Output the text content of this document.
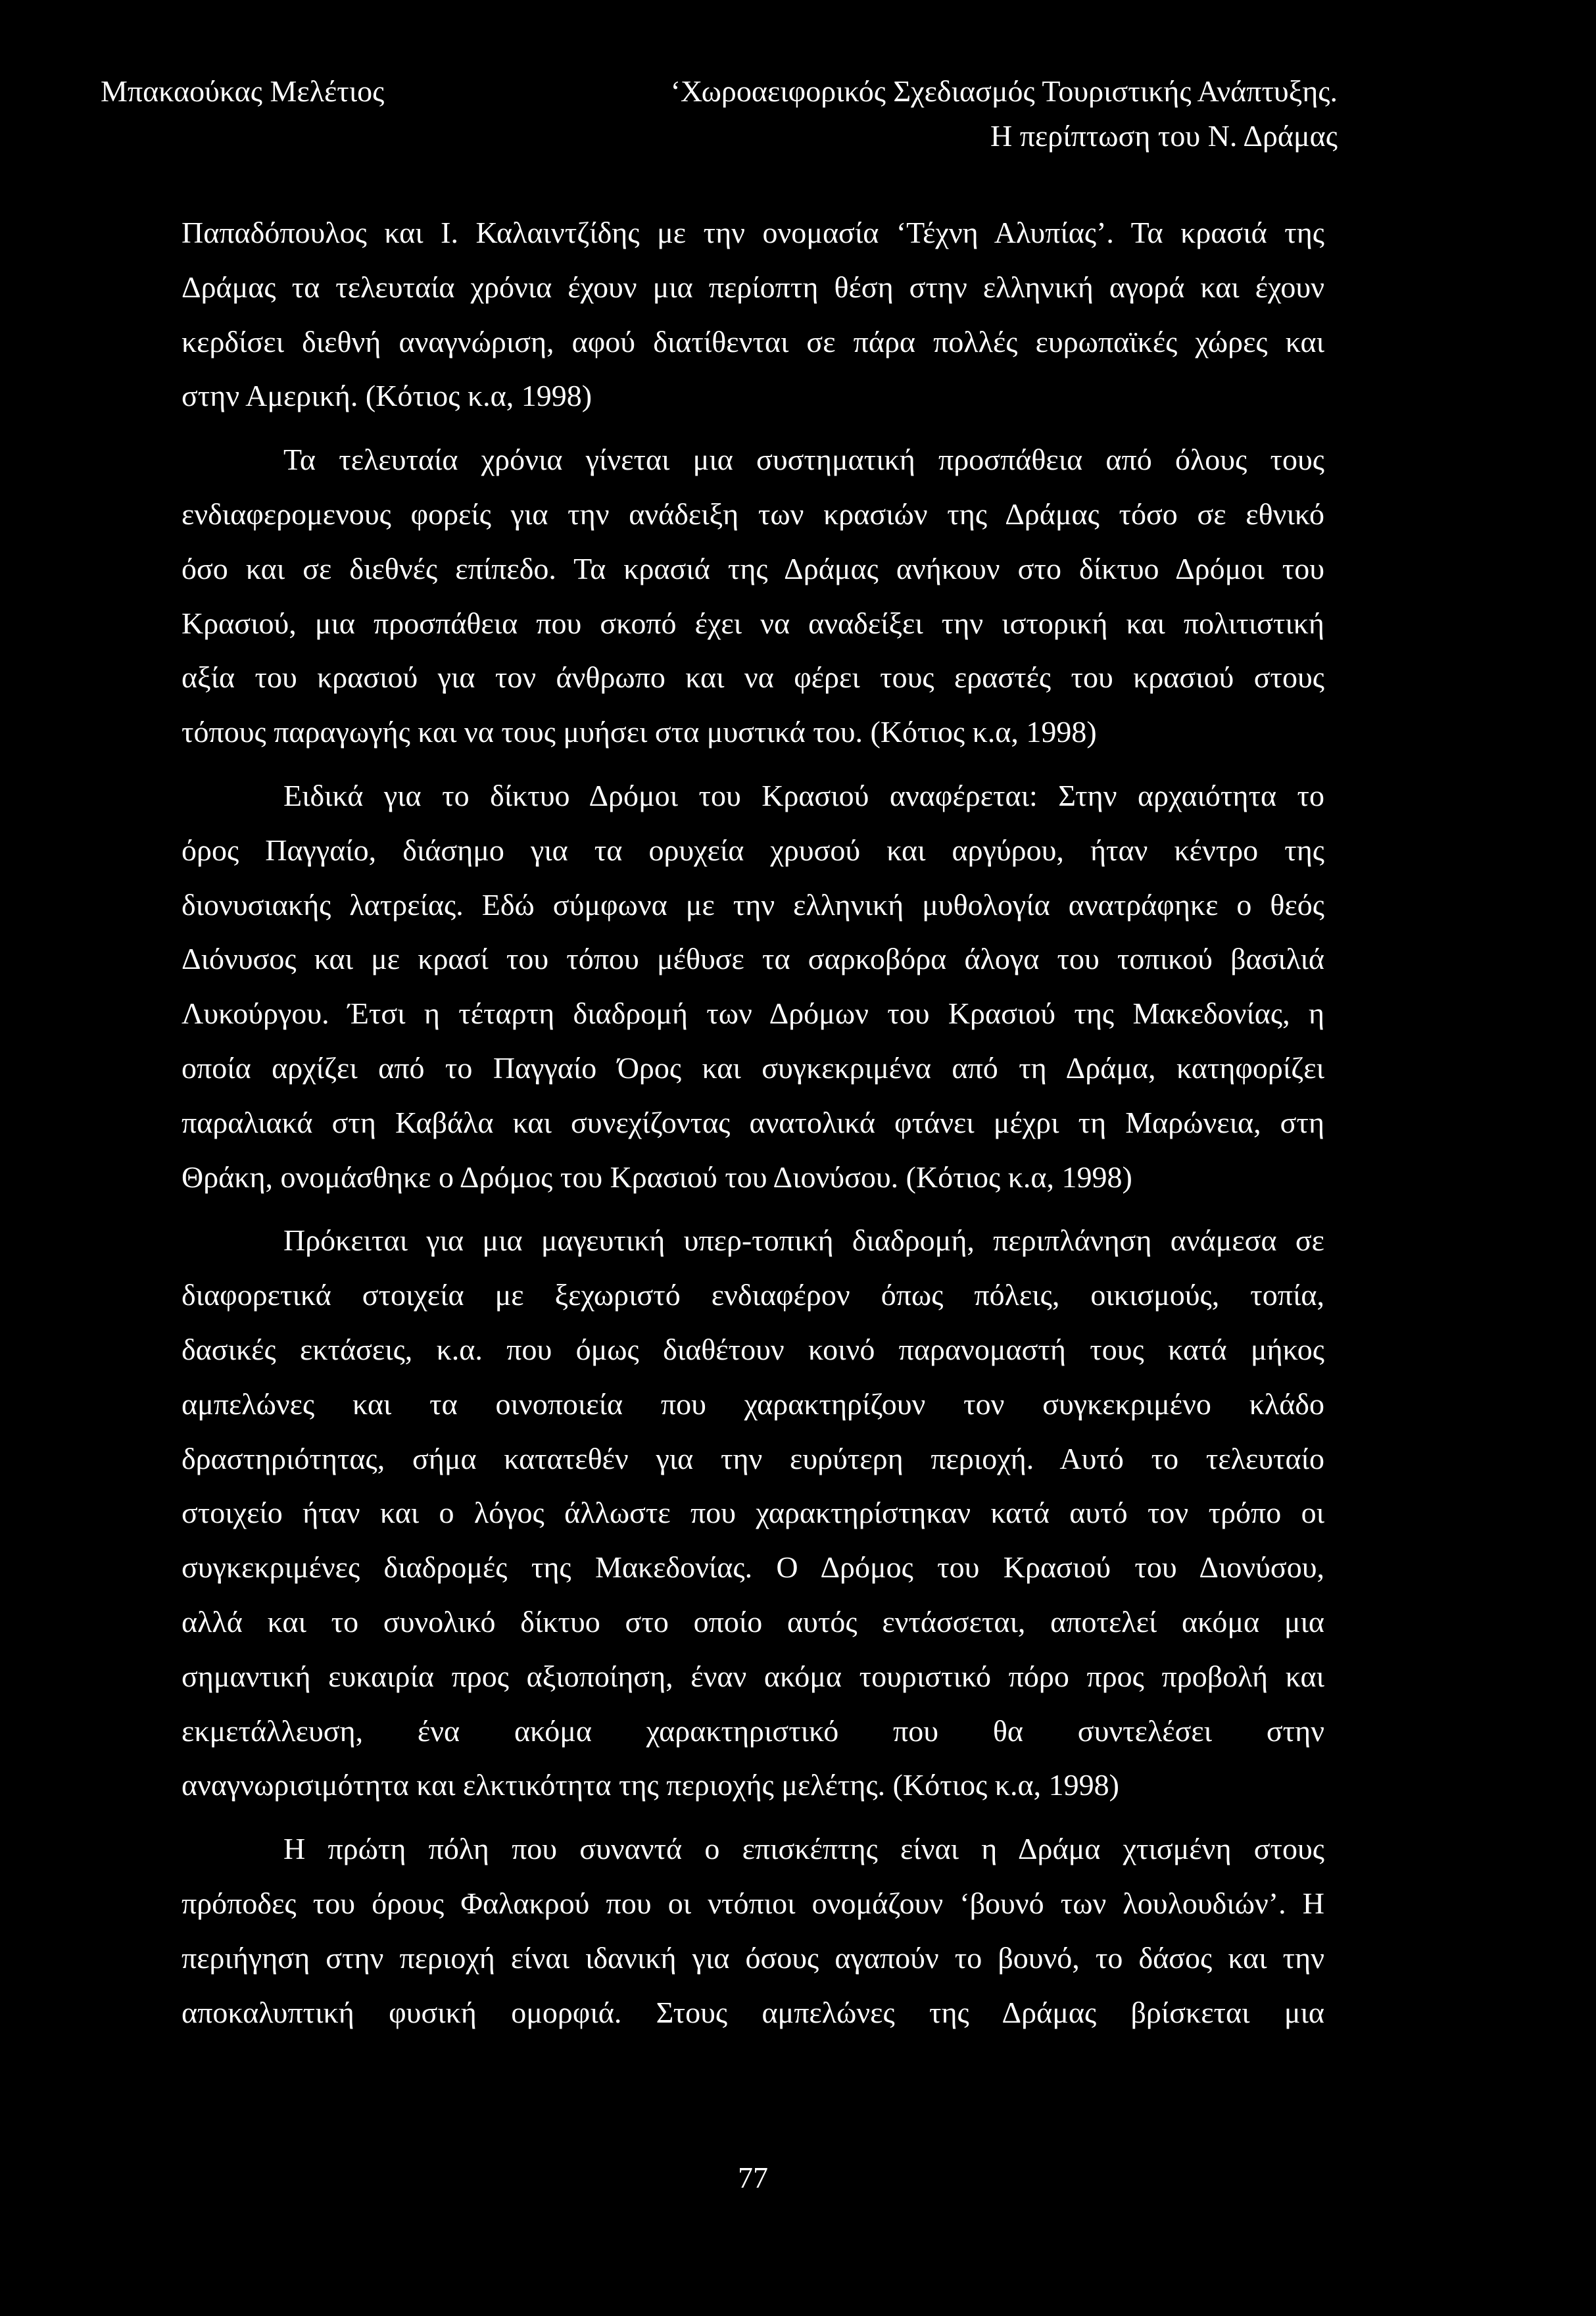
Μπακαούκας Μελέτιος	‘Χωροαειφορικός Σχεδιασμός Τουριστικής Ανάπτυξης.
Η περίπτωση του Ν. Δράμας
Παπαδόπουλος και Ι. Καλαιντζίδης με την ονομασία ‘Τέχνη Αλυπίας’. Τα κρασιά της
Δράμας τα τελευταία χρόνια έχουν μια περίοπτη θέση στην ελληνική αγορά και έχουν
κερδίσει διεθνή αναγνώριση, αφού διατίθενται σε πάρα πολλές ευρωπαϊκές χώρες και
στην Αμερική. (Κότιος κ.α, 1998)
Τα τελευταία χρόνια γίνεται μια συστηματική προσπάθεια από όλους τους
ενδιαφερομενους φορείς για την ανάδειξη των κρασιών της Δράμας τόσο σε εθνικό
όσο και σε διεθνές επίπεδο. Τα κρασιά της Δράμας ανήκουν στο δίκτυο Δρόμοι του
Κρασιού, μια προσπάθεια που σκοπό έχει να αναδείξει την ιστορική και πολιτιστική
αξία του κρασιού για τον άνθρωπο και να φέρει τους εραστές του κρασιού στους
τόπους παραγωγής και να τους μυήσει στα μυστικά του. (Κότιος κ.α, 1998)
Ειδικά για το δίκτυο Δρόμοι του Κρασιού αναφέρεται: Στην αρχαιότητα το
όρος Παγγαίο, διάσημο για τα ορυχεία χρυσού και αργύρου, ήταν κέντρο της
διονυσιακής λατρείας. Εδώ σύμφωνα με την ελληνική μυθολογία ανατράφηκε ο θεός
Διόνυσος και με κρασί του τόπου μέθυσε τα σαρκοβόρα άλογα του τοπικού βασιλιά
Λυκούργου. Έτσι η τέταρτη διαδρομή των Δρόμων του Κρασιού της Μακεδονίας, η
οποία αρχίζει από το Παγγαίο Όρος και συγκεκριμένα από τη Δράμα, κατηφορίζει
παραλιακά στη Καβάλα και συνεχίζοντας ανατολικά φτάνει μέχρι τη Μαρώνεια, στη
Θράκη, ονομάσθηκε ο Δρόμος του Κρασιού του Διονύσου. (Κότιος κ.α, 1998)
Πρόκειται για μια μαγευτική υπερ-τοπική διαδρομή, περιπλάνηση ανάμεσα σε
διαφορετικά στοιχεία με ξεχωριστό ενδιαφέρον όπως πόλεις, οικισμούς, τοπία,
δασικές εκτάσεις, κ.α. που όμως διαθέτουν κοινό παρανομαστή τους κατά μήκος
αμπελώνες και τα οινοποιεία που χαρακτηρίζουν τον συγκεκριμένο κλάδο
δραστηριότητας, σήμα κατατεθέν για την ευρύτερη περιοχή. Αυτό το τελευταίο
στοιχείο ήταν και ο λόγος άλλωστε που χαρακτηρίστηκαν κατά αυτό τον τρόπο οι
συγκεκριμένες διαδρομές της Μακεδονίας. Ο Δρόμος του Κρασιού του Διονύσου,
αλλά και το συνολικό δίκτυο στο οποίο αυτός εντάσσεται, αποτελεί ακόμα μια
σημαντική ευκαιρία προς αξιοποίηση, έναν ακόμα τουριστικό πόρο προς προβολή και
εκμετάλλευση, ένα ακόμα χαρακτηριστικό που θα συντελέσει στην
αναγνωρισιμότητα και ελκτικότητα της περιοχής μελέτης. (Κότιος κ.α, 1998)
Η πρώτη πόλη που συναντά ο επισκέπτης είναι η Δράμα χτισμένη στους
πρόποδες του όρους Φαλακρού που οι ντόπιοι ονομάζουν ‘βουνό των λουλουδιών’. Η
περιήγηση στην περιοχή είναι ιδανική για όσους αγαπούν το βουνό, το δάσος και την
αποκαλυπτική φυσική ομορφιά. Στους αμπελώνες της Δράμας βρίσκεται μια
77
